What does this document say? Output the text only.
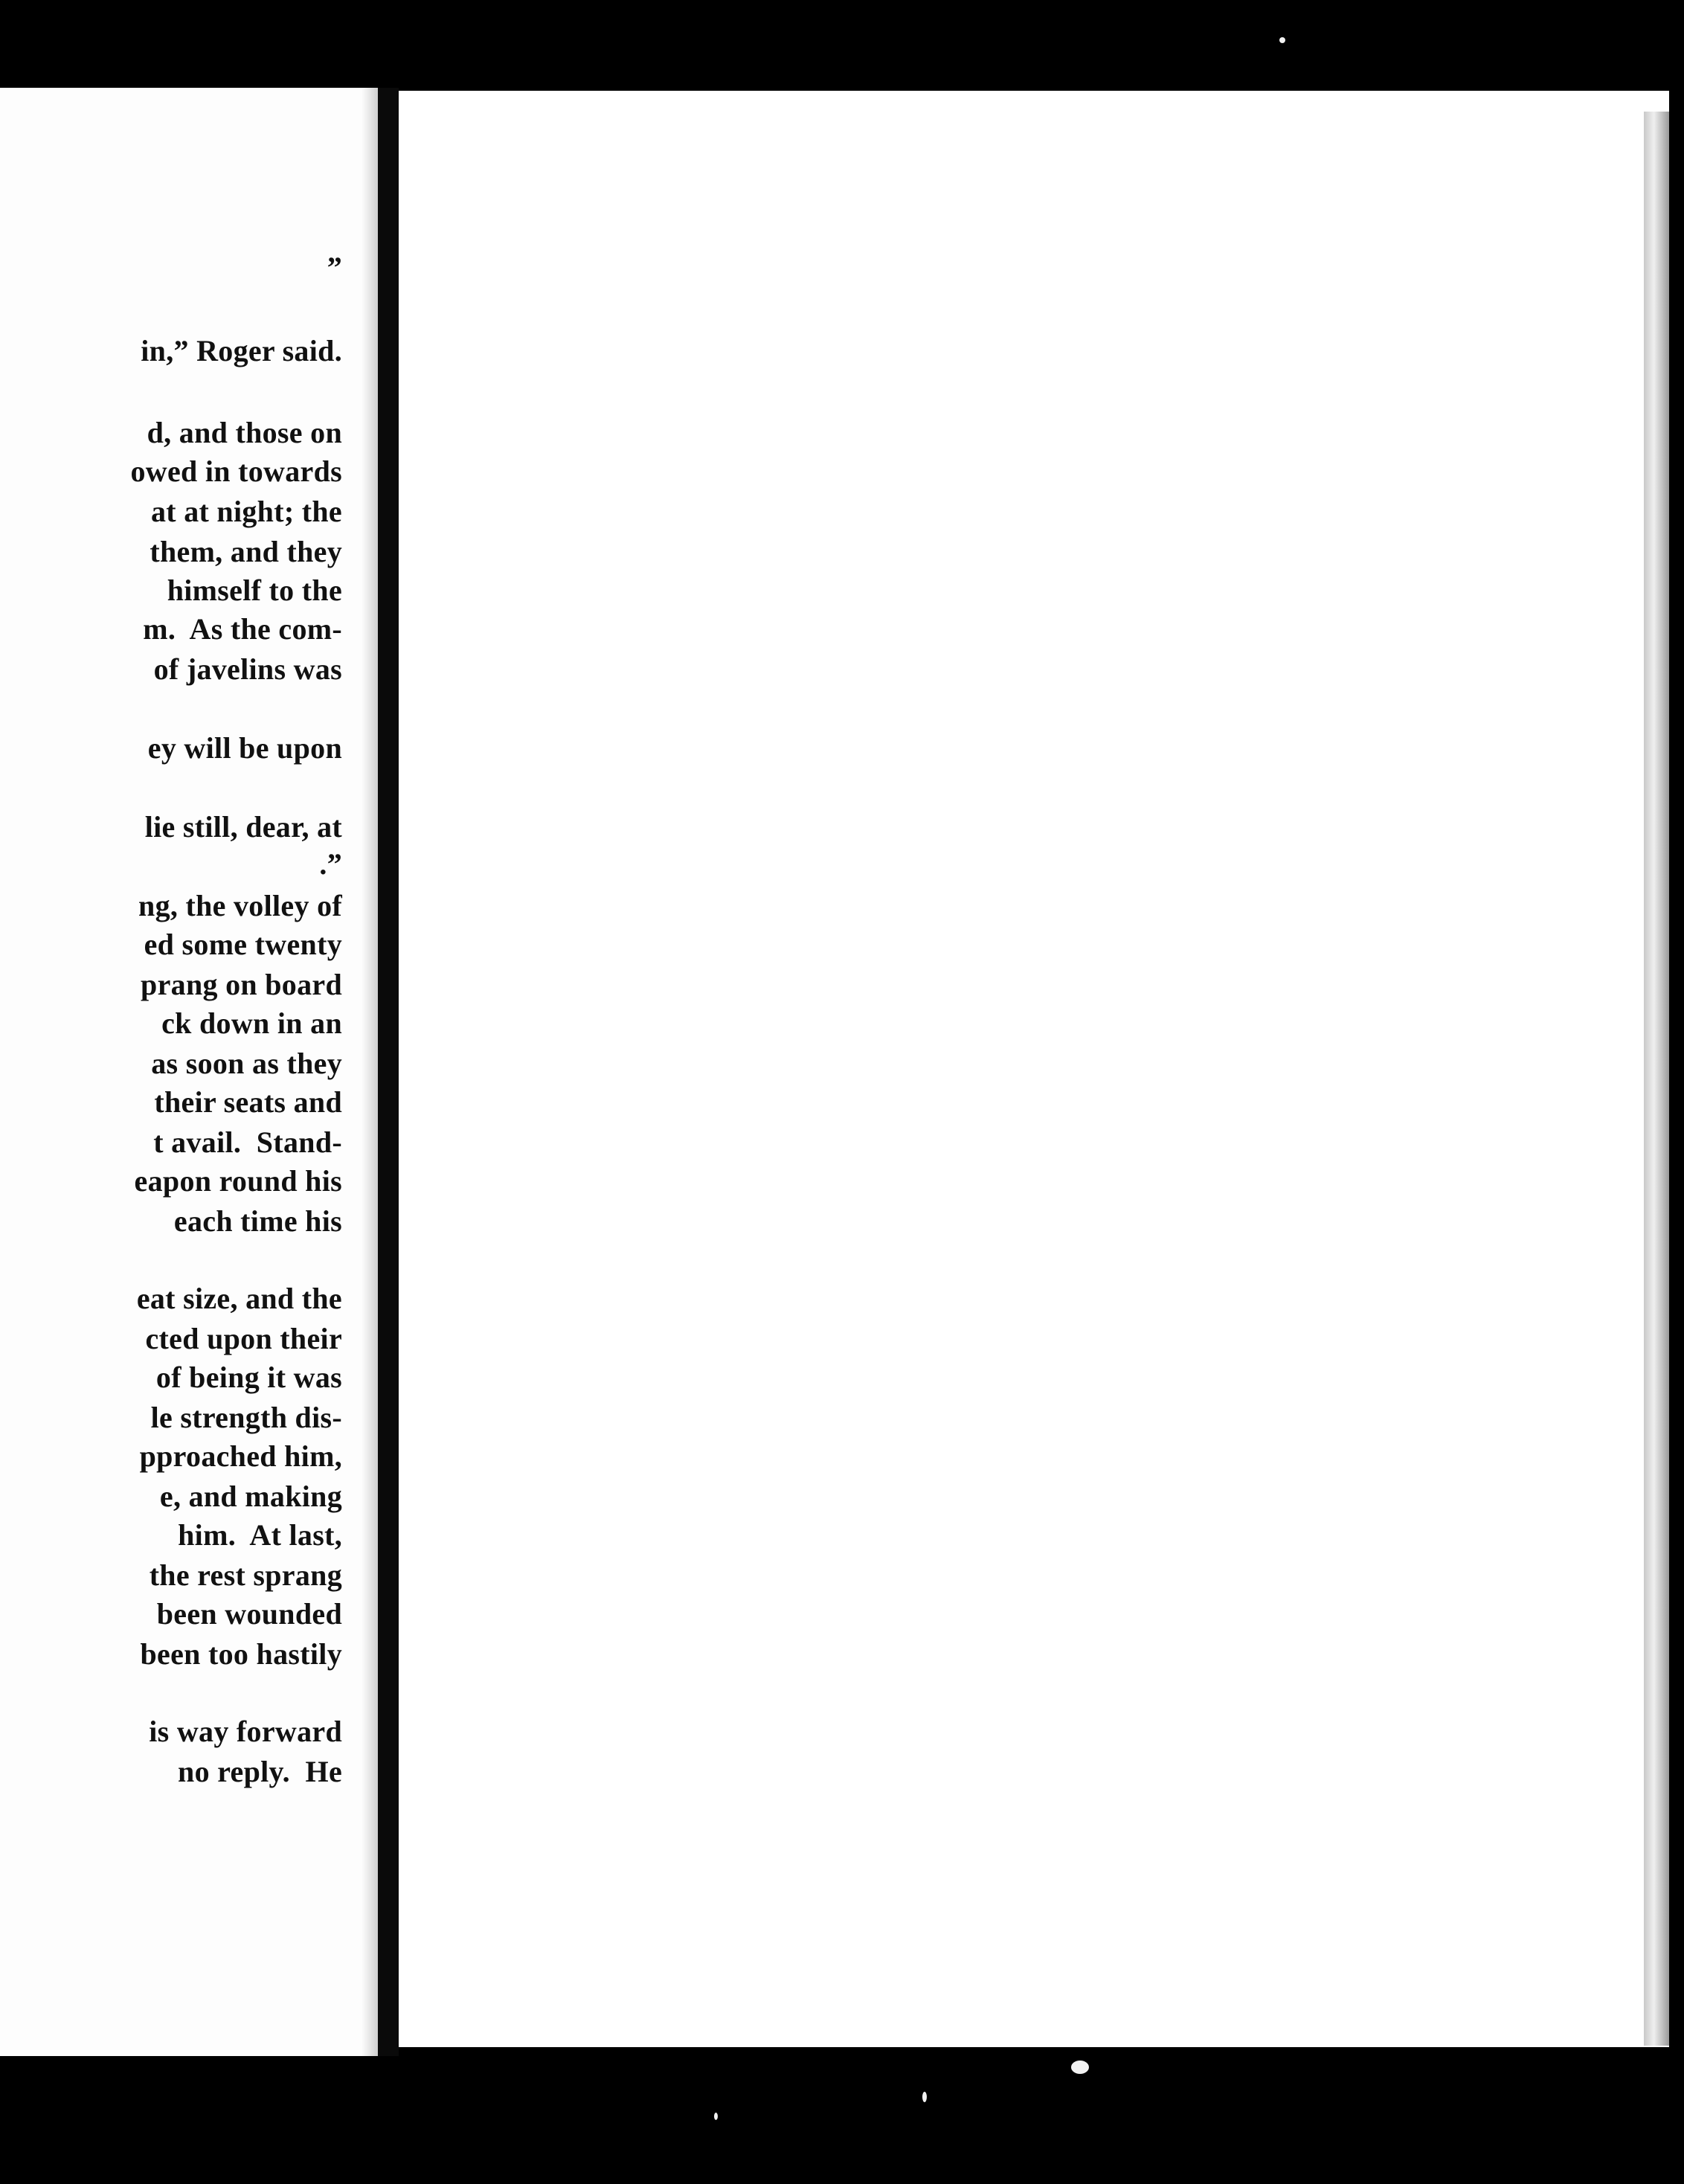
”
in,” Roger said.
d, and those on
owed in towards
at at night; the
them, and they
himself to the
m.  As the com-
of javelins was
ey will be upon
lie still, dear, at
.”
ng, the volley of
ed some twenty
prang on board
ck down in an
as soon as they
their seats and
t avail.  Stand-
eapon round his
each time his
eat size, and the
cted upon their
of being it was
le strength dis-
pproached him,
e, and making
him.  At last,
the rest sprang
been wounded
been too hastily
is way forward
no reply.  He
